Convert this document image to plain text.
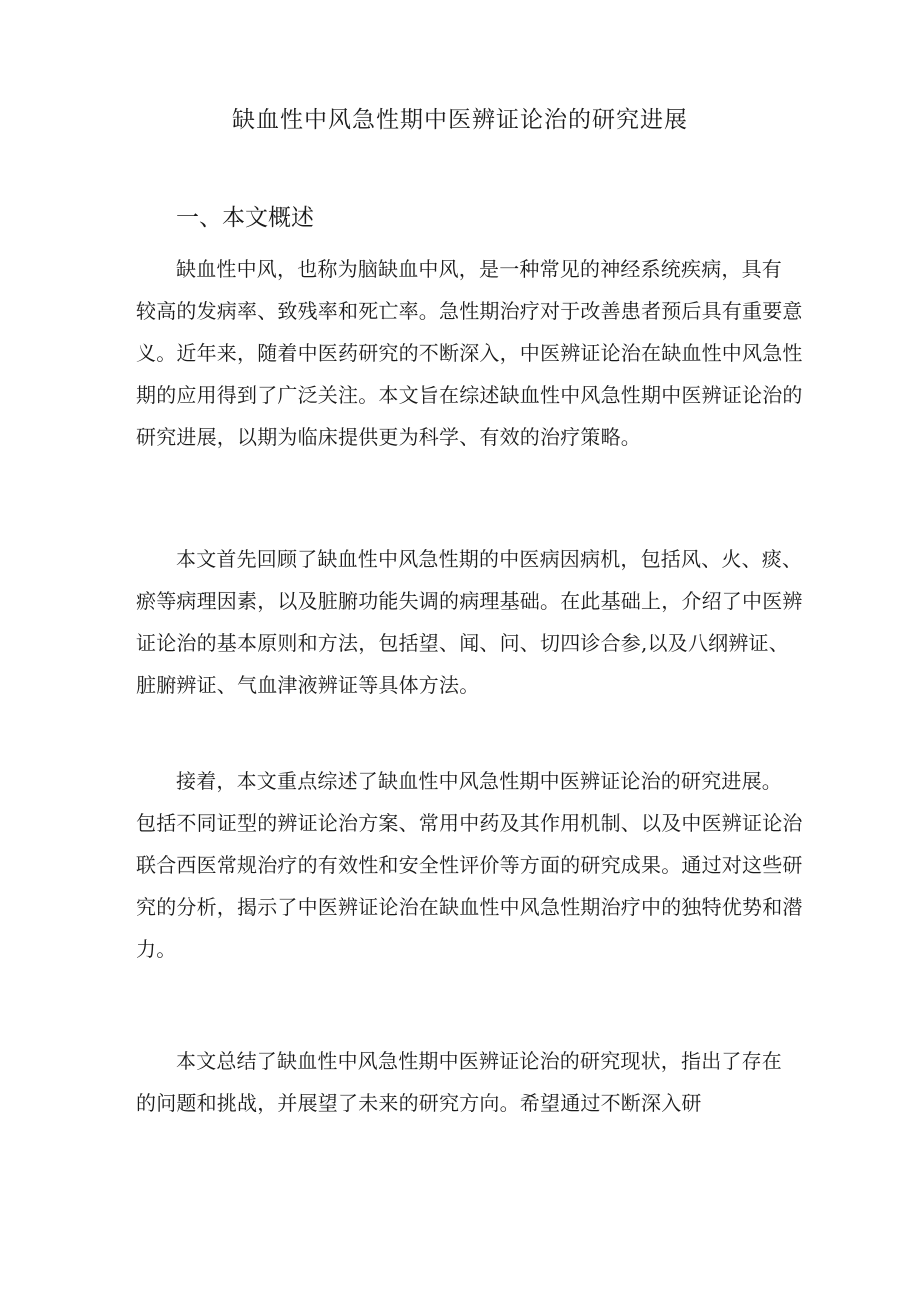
缺血性中风急性期中医辨证论治的研究进展
一、本文概述

缺血性中风，也称为脑缺血中风，是一种常见的神经系统疾病，具有
较高的发病率、致残率和死亡率。急性期治疗对于改善患者预后具有重要意
义。近年来，随着中医药研究的不断深入，中医辨证论治在缺血性中风急性
期的应用得到了广泛关注。本文旨在综述缺血性中风急性期中医辨证论治的
研究进展，以期为临床提供更为科学、有效的治疗策略。

本文首先回顾了缺血性中风急性期的中医病因病机，包括风、火、痰、
瘀等病理因素，以及脏腑功能失调的病理基础。在此基础上，介绍了中医辨
证论治的基本原则和方法，包括望、闻、问、切四诊合参,以及八纲辨证、
脏腑辨证、气血津液辨证等具体方法。

接着，本文重点综述了缺血性中风急性期中医辨证论治的研究进展。
包括不同证型的辨证论治方案、常用中药及其作用机制、以及中医辨证论治
联合西医常规治疗的有效性和安全性评价等方面的研究成果。通过对这些研
究的分析，揭示了中医辨证论治在缺血性中风急性期治疗中的独特优势和潜
力。

本文总结了缺血性中风急性期中医辨证论治的研究现状，指出了存在
的问题和挑战，并展望了未来的研究方向。希望通过不断深入研
